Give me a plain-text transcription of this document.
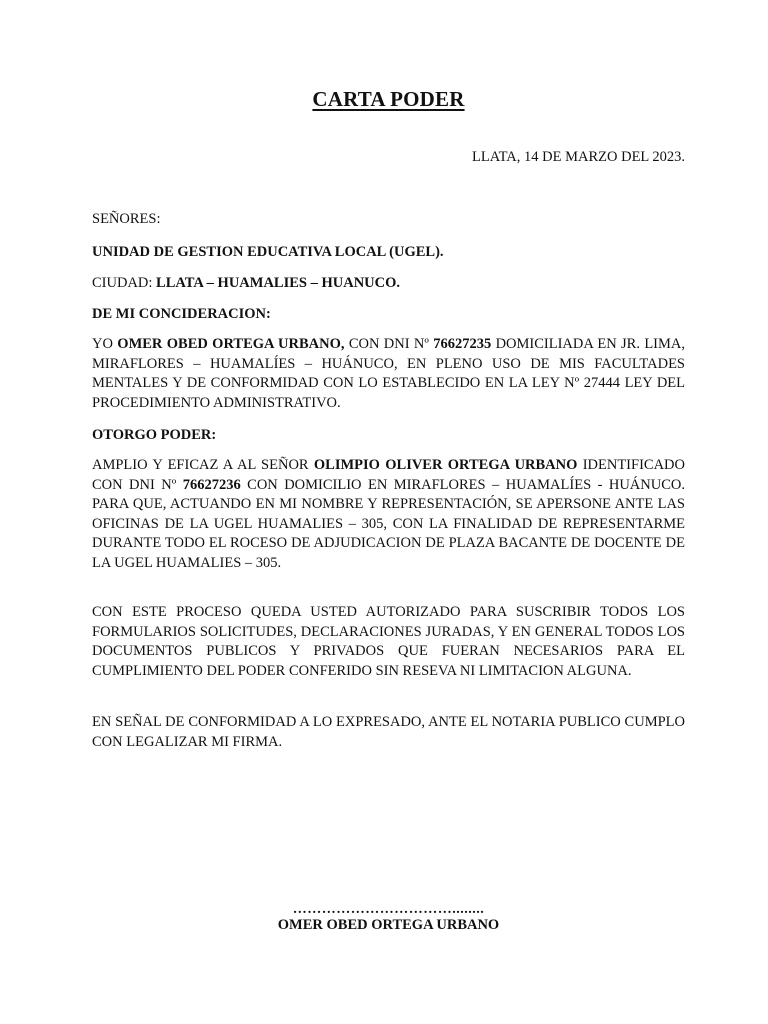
CARTA PODER
LLATA, 14 DE MARZO DEL 2023.

SEÑORES:

UNIDAD DE GESTION EDUCATIVA LOCAL (UGEL).

CIUDAD: LLATA – HUAMALIES – HUANUCO.

DE MI CONCIDERACION:

YO OMER OBED ORTEGA URBANO, CON DNI Nº 76627235 DOMICILIADA EN JR. LIMA, MIRAFLORES – HUAMALÍES – HUÁNUCO, EN PLENO USO DE MIS FACULTADES MENTALES Y DE CONFORMIDAD CON LO ESTABLECIDO EN LA LEY Nº 27444 LEY DEL PROCEDIMIENTO ADMINISTRATIVO.

OTORGO PODER:

AMPLIO Y EFICAZ A AL SEÑOR OLIMPIO OLIVER ORTEGA URBANO IDENTIFICADO CON DNI Nº 76627236 CON DOMICILIO EN MIRAFLORES – HUAMALÍES - HUÁNUCO. PARA QUE, ACTUANDO EN MI NOMBRE Y REPRESENTACIÓN, SE APERSONE ANTE LAS OFICINAS DE LA UGEL HUAMALIES – 305, CON LA FINALIDAD DE REPRESENTARME DURANTE TODO EL ROCESO DE ADJUDICACION DE PLAZA BACANTE DE DOCENTE DE LA UGEL HUAMALIES – 305.

CON ESTE PROCESO QUEDA USTED AUTORIZADO PARA SUSCRIBIR TODOS LOS FORMULARIOS SOLICITUDES, DECLARACIONES JURADAS, Y EN GENERAL TODOS LOS DOCUMENTOS PUBLICOS Y PRIVADOS QUE FUERAN NECESARIOS PARA EL CUMPLIMIENTO DEL PODER CONFERIDO SIN RESEVA NI LIMITACION ALGUNA.

EN SEÑAL DE CONFORMIDAD A LO EXPRESADO, ANTE EL NOTARIA PUBLICO CUMPLO CON LEGALIZAR MI FIRMA.

……………………………........
OMER OBED ORTEGA URBANO
